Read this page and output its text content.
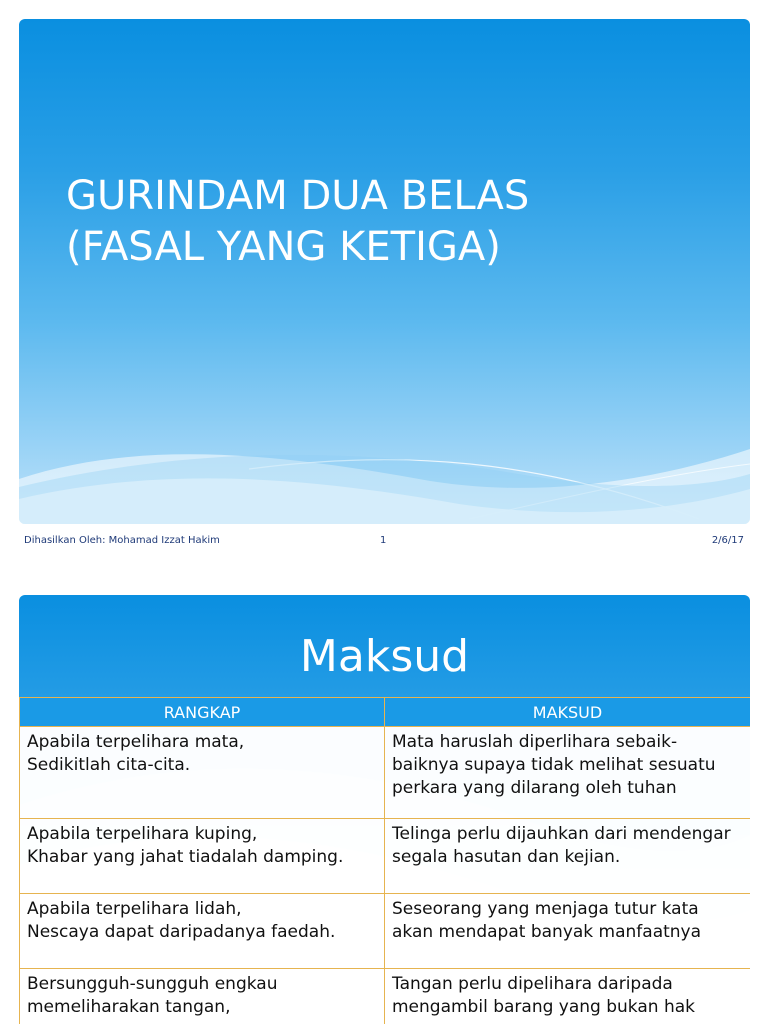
GURINDAM DUA BELAS
(FASAL YANG KETIGA)
Dihasilkan Oleh: Mohamad Izzat Hakim	1	2/6/17
Maksud
RANGKAP	MAKSUD
Apabila terpelihara mata,
Sedikitlah cita-cita.	Mata haruslah diperlihara sebaik-baiknya supaya tidak melihat sesuatu perkara yang dilarang oleh tuhan
Apabila terpelihara kuping,
Khabar yang jahat tiadalah damping.	Telinga perlu dijauhkan dari mendengar segala hasutan dan kejian.
Apabila terpelihara lidah,
Nescaya dapat daripadanya faedah.	Seseorang yang menjaga tutur kata akan mendapat banyak manfaatnya
Bersungguh-sungguh engkau memeliharakan tangan,	Tangan perlu dipelihara daripada mengambil barang yang bukan hak
